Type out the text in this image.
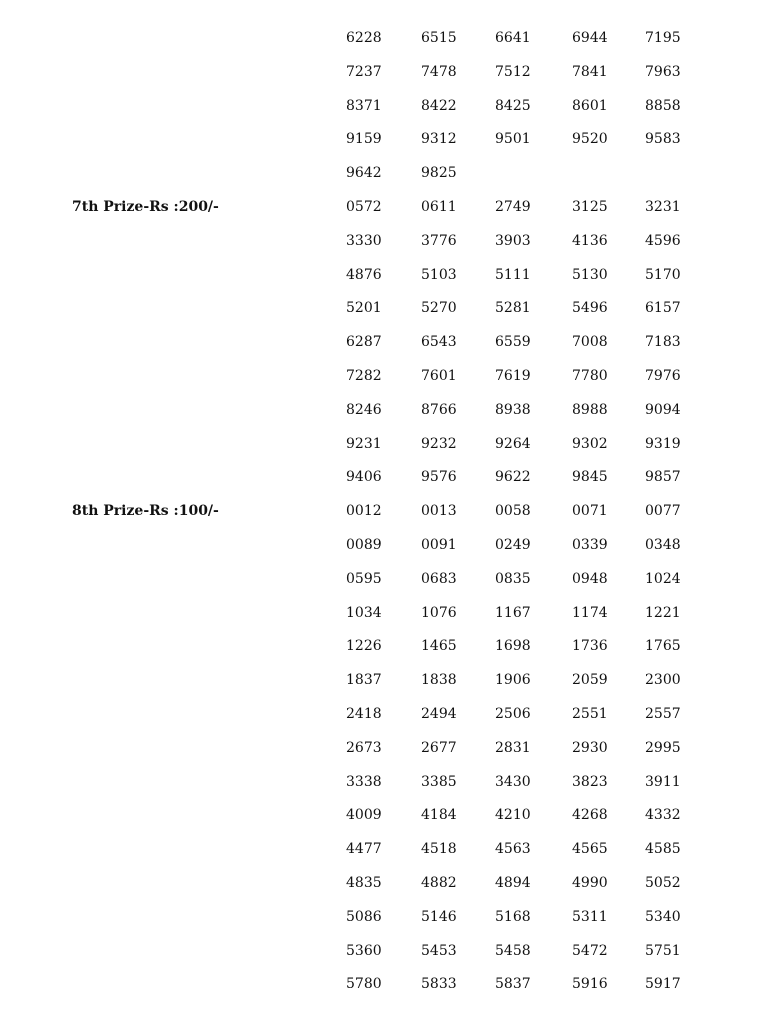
6228	6515	6641	6944	7195
7237	7478	7512	7841	7963
8371	8422	8425	8601	8858
9159	9312	9501	9520	9583
9642	9825
7th Prize-Rs :200/-	0572	0611	2749	3125	3231
3330	3776	3903	4136	4596
4876	5103	5111	5130	5170
5201	5270	5281	5496	6157
6287	6543	6559	7008	7183
7282	7601	7619	7780	7976
8246	8766	8938	8988	9094
9231	9232	9264	9302	9319
9406	9576	9622	9845	9857
8th Prize-Rs :100/-	0012	0013	0058	0071	0077
0089	0091	0249	0339	0348
0595	0683	0835	0948	1024
1034	1076	1167	1174	1221
1226	1465	1698	1736	1765
1837	1838	1906	2059	2300
2418	2494	2506	2551	2557
2673	2677	2831	2930	2995
3338	3385	3430	3823	3911
4009	4184	4210	4268	4332
4477	4518	4563	4565	4585
4835	4882	4894	4990	5052
5086	5146	5168	5311	5340
5360	5453	5458	5472	5751
5780	5833	5837	5916	5917
